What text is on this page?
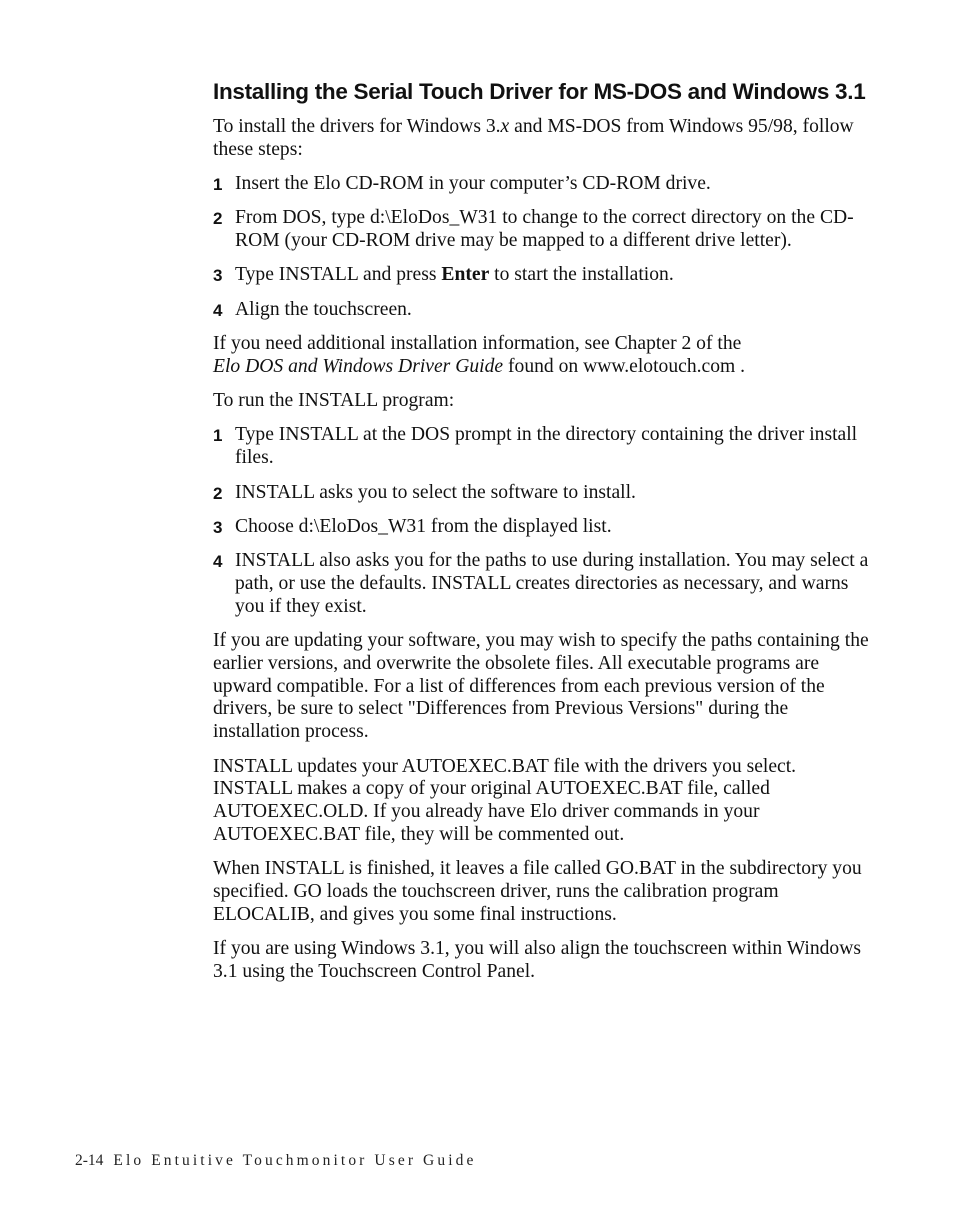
Installing the Serial Touch Driver for MS-DOS and Windows 3.1

To install the drivers for Windows 3.x and MS-DOS from Windows 95/98, follow these steps:

1 Insert the Elo CD-ROM in your computer’s CD-ROM drive.
2 From DOS, type d:\EloDos_W31 to change to the correct directory on the CD-ROM (your CD-ROM drive may be mapped to a different drive letter).
3 Type INSTALL and press Enter to start the installation.
4 Align the touchscreen.

If you need additional installation information, see Chapter 2 of the
Elo DOS and Windows Driver Guide found on www.elotouch.com .

To run the INSTALL program:

1 Type INSTALL at the DOS prompt in the directory containing the driver install files.
2 INSTALL asks you to select the software to install.
3 Choose d:\EloDos_W31 from the displayed list.
4 INSTALL also asks you for the paths to use during installation. You may select a path, or use the defaults. INSTALL creates directories as necessary, and warns you if they exist.

If you are updating your software, you may wish to specify the paths containing the earlier versions, and overwrite the obsolete files. All executable programs are upward compatible. For a list of differences from each previous version of the drivers, be sure to select "Differences from Previous Versions" during the installation process.

INSTALL updates your AUTOEXEC.BAT file with the drivers you select. INSTALL makes a copy of your original AUTOEXEC.BAT file, called AUTOEXEC.OLD. If you already have Elo driver commands in your AUTOEXEC.BAT file, they will be commented out.

When INSTALL is finished, it leaves a file called GO.BAT in the subdirectory you specified. GO loads the touchscreen driver, runs the calibration program ELOCALIB, and gives you some final instructions.

If you are using Windows 3.1, you will also align the touchscreen within Windows 3.1 using the Touchscreen Control Panel.

2-14 Elo Entuitive Touchmonitor User Guide
